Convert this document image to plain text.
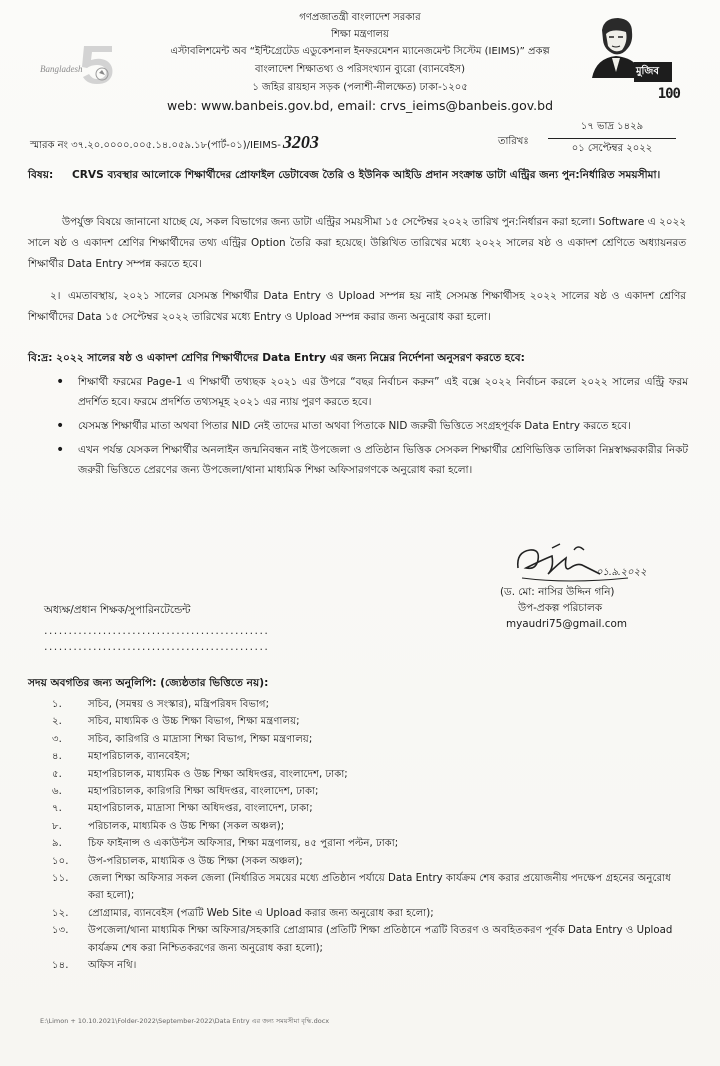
Bangladesh	মুজিব
100
গণপ্রজাতন্ত্রী বাংলাদেশ সরকার
শিক্ষা মন্ত্রণালয়
এস্টাবলিশমেন্ট অব “ইন্টিগ্রেটেড এডুকেশনাল ইনফরমেশন ম্যানেজমেন্ট সিস্টেম (IEIMS)” প্রকল্প
বাংলাদেশ শিক্ষাতথ্য ও পরিসংখ্যান ব্যুরো (ব্যানবেইস)
১ জহির রায়হান সড়ক (পলাশী-নীলক্ষেত) ঢাকা-১২০৫
web: www.banbeis.gov.bd, email: crvs_ieims@banbeis.gov.bd
স্মারক নং ৩৭.২০.০০০০.০০৫.১৪.০৫৯.১৮(পার্ট-০১)/IEIMS- 3203	তারিখঃ
১৭ ভাদ্র ১৪২৯
০১ সেপ্টেম্বর ২০২২
বিষয়: CRVS ব্যবস্থার আলোকে শিক্ষার্থীদের প্রোফাইল ডেটাবেজ তৈরি ও ইউনিক আইডি প্রদান সংক্রান্ত ডাটা এন্ট্রির জন্য পুন:নির্ধারিত সময়সীমা।
উপর্যুক্ত বিষয়ে জানানো যাচ্ছে যে, সকল বিভাগের জন্য ডাটা এন্ট্রির সময়সীমা ১৫ সেপ্টেম্বর ২০২২ তারিখ পুন:নির্ধারন করা হলো। Software এ ২০২২ সালে ষষ্ঠ ও একাদশ শ্রেণির শিক্ষার্থীদের তথ্য এন্ট্রির Option তৈরি করা হয়েছে। উল্লিখিত তারিখের মধ্যে ২০২২ সালের ষষ্ঠ ও একাদশ শ্রেণিতে অধ্যায়নরত শিক্ষার্থীর Data Entry সম্পন্ন করতে হবে।
২। এমতাবস্থায়, ২০২১ সালের যেসমস্ত শিক্ষার্থীর Data Entry ও Upload সম্পন্ন হয় নাই সেসমস্ত শিক্ষার্থীসহ ২০২২ সালের ষষ্ঠ ও একাদশ শ্রেণির শিক্ষার্থীদের Data ১৫ সেপ্টেম্বর ২০২২ তারিখের মধ্যে Entry ও Upload সম্পন্ন করার জন্য অনুরোধ করা হলো।
বি:দ্র: ২০২২ সালের ষষ্ঠ ও একাদশ শ্রেণির শিক্ষার্থীদের Data Entry এর জন্য নিম্নের নির্দেশনা অনুসরণ করতে হবে:
• শিক্ষার্থী ফরমের Page-1 এ শিক্ষার্থী তথ্যছক ২০২১ এর উপরে “বছর নির্বাচন করুন” এই বক্সে ২০২২ নির্বাচন করলে ২০২২ সালের এন্ট্রি ফরম প্রদর্শিত হবে। ফরমে প্রদর্শিত তথ্যসমূহ ২০২১ এর ন্যায় পুরণ করতে হবে।
• যেসমস্ত শিক্ষার্থীর মাতা অথবা পিতার NID নেই তাদের মাতা অথবা পিতাকে NID জরুরী ভিত্তিতে সংগ্রহপূর্বক Data Entry করতে হবে।
• এখন পর্যন্ত যেসকল শিক্ষার্থীর অনলাইন জন্মনিবন্ধন নাই উপজেলা ও প্রতিষ্ঠান ভিত্তিক সেসকল শিক্ষার্থীর শ্রেণিভিত্তিক তালিকা নিম্নস্বাক্ষরকারীর নিকট জরুরী ভিত্তিতে প্রেরণের জন্য উপজেলা/থানা মাধ্যমিক শিক্ষা অফিসারগণকে অনুরোধ করা হলো।
০১.৯.২০২২
(ড. মো: নাসির উদ্দিন গনি)
উপ-প্রকল্প পরিচালক
myaudri75@gmail.com
অধ্যক্ষ/প্রধান শিক্ষক/সুপারিনটেন্ডেন্ট
..............................................
..............................................
সদয় অবগতির জন্য অনুলিপি: (জ্যেষ্ঠতার ভিত্তিতে নয়):
১.	সচিব, (সমন্বয় ও সংস্কার), মন্ত্রিপরিষদ বিভাগ;
২.	সচিব, মাধ্যমিক ও উচ্চ শিক্ষা বিভাগ, শিক্ষা মন্ত্রণালয়;
৩.	সচিব, কারিগরি ও মাদ্রাসা শিক্ষা বিভাগ, শিক্ষা মন্ত্রণালয়;
৪.	মহাপরিচালক, ব্যানবেইস;
৫.	মহাপরিচালক, মাধ্যমিক ও উচ্চ শিক্ষা অধিদপ্তর, বাংলাদেশ, ঢাকা;
৬.	মহাপরিচালক, কারিগরি শিক্ষা অধিদপ্তর, বাংলাদেশ, ঢাকা;
৭.	মহাপরিচালক, মাদ্রাসা শিক্ষা অধিদপ্তর, বাংলাদেশ, ঢাকা;
৮.	পরিচালক, মাধ্যমিক ও উচ্চ শিক্ষা (সকল অঞ্চল);
৯.	চিফ ফাইনান্স ও একাউন্টস অফিসার, শিক্ষা মন্ত্রণালয়, ৪৫ পুরানা পল্টন, ঢাকা;
১০.	উপ-পরিচালক, মাধ্যমিক ও উচ্চ শিক্ষা (সকল অঞ্চল);
১১.	জেলা শিক্ষা অফিসার সকল জেলা (নির্ধারিত সময়ের মধ্যে প্রতিষ্ঠান পর্যায়ে Data Entry কার্যক্রম শেষ করার প্রয়োজনীয় পদক্ষেপ গ্রহনের অনুরোধ করা হলো);
১২.	প্রোগ্রামার, ব্যানবেইস (পত্রটি Web Site এ Upload করার জন্য অনুরোধ করা হলো);
১৩.	উপজেলা/থানা মাধ্যমিক শিক্ষা অফিসার/সহকারি প্রোগ্রামার (প্রতিটি শিক্ষা প্রতিষ্ঠানে পত্রটি বিতরণ ও অবহিতকরণ পূর্বক Data Entry ও Upload কার্যক্রম শেষ করা নিশ্চিতকরণের জন্য অনুরোধ করা হলো);
১৪.	অফিস নথি।
E:\Limon + 10.10.2021\Folder-2022\September-2022\Data Entry এর জন্য সময়সীমা বৃদ্ধি.docx
